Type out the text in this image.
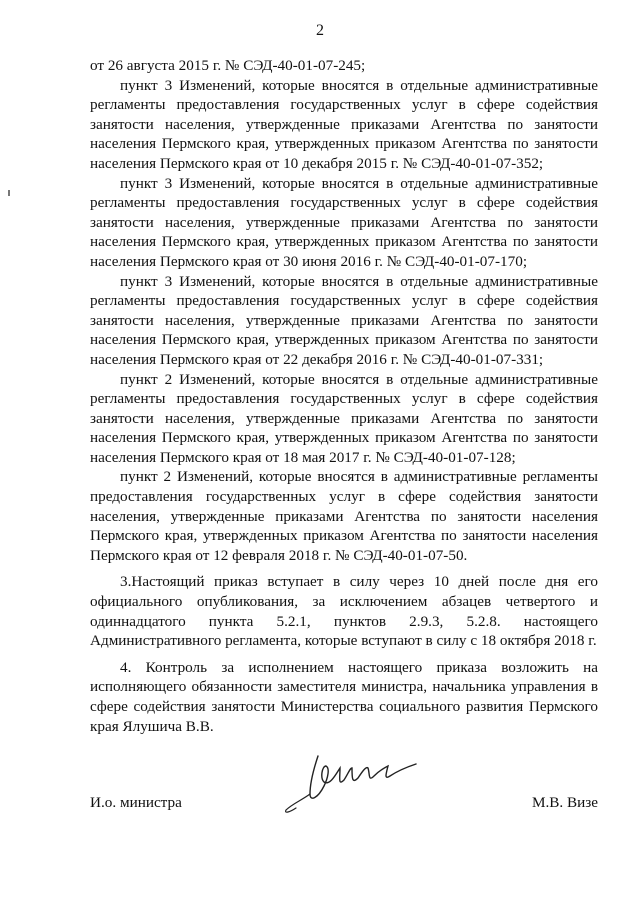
2

от 26 августа 2015 г. № СЭД-40-01-07-245;

пункт 3 Изменений, которые вносятся в отдельные административные регламенты предоставления государственных услуг в сфере содействия занятости населения, утвержденные приказами Агентства по занятости населения Пермского края, утвержденных приказом Агентства по занятости населения Пермского края от 10 декабря 2015 г. № СЭД-40-01-07-352;

пункт 3 Изменений, которые вносятся в отдельные административные регламенты предоставления государственных услуг в сфере содействия занятости населения, утвержденные приказами Агентства по занятости населения Пермского края, утвержденных приказом Агентства по занятости населения Пермского края от 30 июня 2016 г. № СЭД-40-01-07-170;

пункт 3 Изменений, которые вносятся в отдельные административные регламенты предоставления государственных услуг в сфере содействия занятости населения, утвержденные приказами Агентства по занятости населения Пермского края, утвержденных приказом Агентства по занятости населения Пермского края от 22 декабря 2016 г. № СЭД-40-01-07-331;

пункт 2 Изменений, которые вносятся в отдельные административные регламенты предоставления государственных услуг в сфере содействия занятости населения, утвержденные приказами Агентства по занятости населения Пермского края, утвержденных приказом Агентства по занятости населения Пермского края от 18 мая 2017 г. № СЭД-40-01-07-128;

пункт 2 Изменений, которые вносятся в административные регламенты предоставления государственных услуг в сфере содействия занятости населения, утвержденные приказами Агентства по занятости населения Пермского края, утвержденных приказом Агентства по занятости населения Пермского края от 12 февраля 2018 г. № СЭД-40-01-07-50.

3.Настоящий приказ вступает в силу через 10 дней после дня его официального опубликования, за исключением абзацев четвертого и одиннадцатого пункта 5.2.1, пунктов 2.9.3, 5.2.8. настоящего Административного регламента, которые вступают в силу с 18 октября 2018 г.

4. Контроль за исполнением настоящего приказа возложить на исполняющего обязанности заместителя министра, начальника управления в сфере содействия занятости Министерства социального развития Пермского края Ялушича В.В.

И.о. министра	М.В. Визе
